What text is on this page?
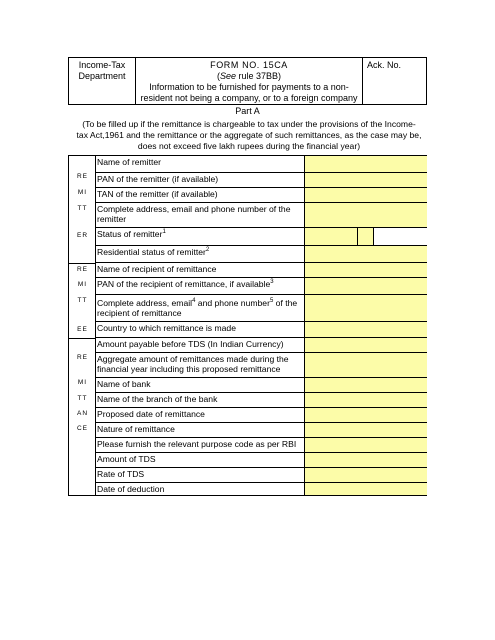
Income-Tax
Department
FORM NO. 15CA
(See rule 37BB)
Information to be furnished for payments to a non-
resident not being a company, or to a foreign company
Ack. No.
Part A
(To be filled up if the remittance is chargeable to tax under the provisions of the Income-
tax Act,1961 and the remittance or the aggregate of such remittances, as the case may be,
does not exceed five lakh rupees during the financial year)
RE
MI
TT
ER
RE
MI
TT
EE
RE
MI
TT
AN
CE
Name of remitter
PAN of the remitter (if available)
TAN of the remitter (if available)
Complete address, email and phone number of the remitter
Status of remitter$^1$
Residential status of remitter$^2$
Name of recipient of remittance
PAN of the recipient of remittance, if available$^3$
Complete address, email$^4$ and phone number$^5$ of the recipient of remittance
Country to which remittance is made
Amount payable before TDS (In Indian Currency)
Aggregate amount of remittances made during the financial year including this proposed remittance
Name of bank
Name of the branch of the bank
Proposed date of remittance
Nature of remittance
Please furnish the relevant purpose code as per RBI
Amount of TDS
Rate of TDS
Date of deduction
